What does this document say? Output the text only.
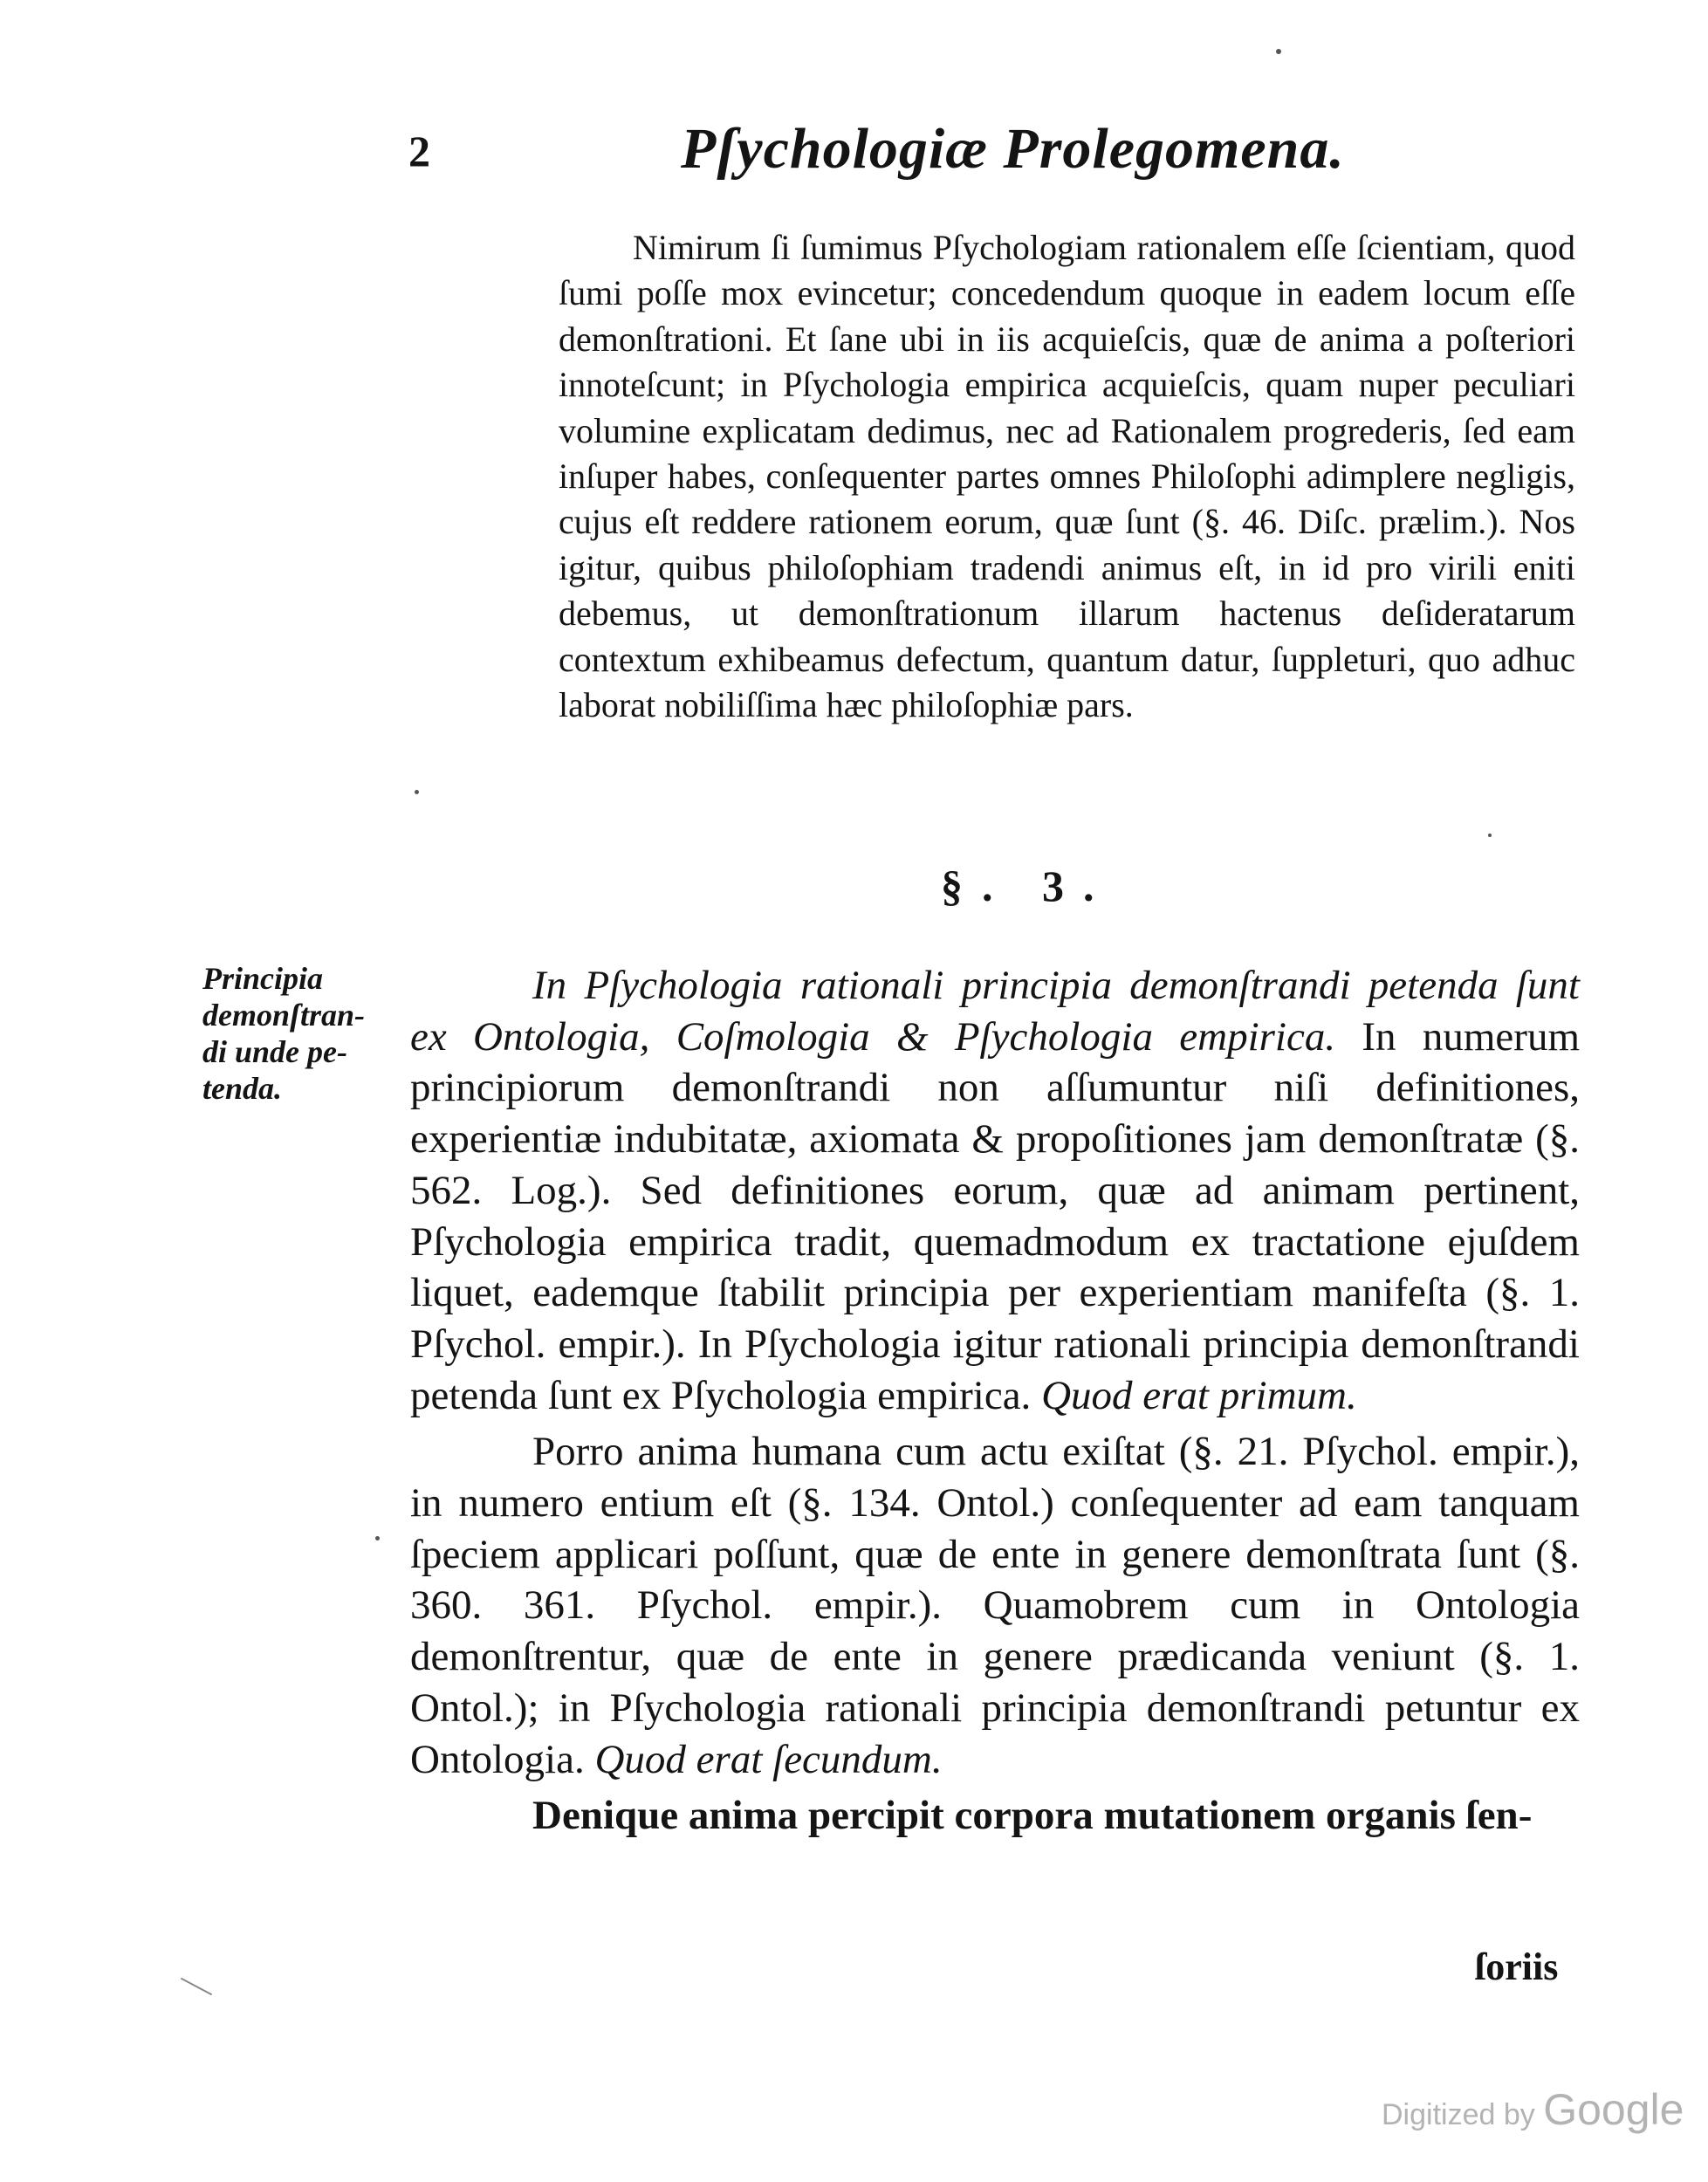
2	Pſychologiæ Prolegomena.

Nimirum ſi ſumimus Pſychologiam rationalem eſſe ſcientiam, quod ſumi poſſe mox evincetur; concedendum quoque in eadem locum eſſe demonſtrationi. Et ſane ubi in iis acquieſcis, quæ de anima a poſteriori innoteſcunt; in Pſychologia empirica acquieſcis, quam nuper peculiari volumine explicatam dedimus, nec ad Rationalem progrederis, ſed eam inſuper habes, conſequenter partes omnes Philoſophi adimplere negligis, cujus eſt reddere rationem eorum, quæ ſunt (§. 46. Diſc. prælim.). Nos igitur, quibus philoſophiam tradendi animus eſt, in id pro virili eniti debemus, ut demonſtrationum illarum hactenus deſideratarum contextum exhibeamus defectum, quantum datur, ſuppleturi, quo adhuc laborat nobiliſſima hæc philoſophiæ pars.

§. 3.
Principia
demonſtran-
di unde pe-
tenda.

In Pſychologia rationali principia demonſtrandi petenda ſunt ex Ontologia, Coſmologia & Pſychologia empirica. In numerum principiorum demonſtrandi non aſſumuntur niſi definitiones, experientiæ indubitatæ, axiomata & propoſitiones jam demonſtratæ (§. 562. Log.). Sed definitiones eorum, quæ ad animam pertinent, Pſychologia empirica tradit, quemadmodum ex tractatione ejuſdem liquet, eademque ſtabilit principia per experientiam manifeſta (§. 1. Pſychol. empir.). In Pſychologia igitur rationali principia demonſtrandi petenda ſunt ex Pſychologia empirica. Quod erat primum.

Porro anima humana cum actu exiſtat (§. 21. Pſychol. empir.), in numero entium eſt (§. 134. Ontol.) conſequenter ad eam tanquam ſpeciem applicari poſſunt, quæ de ente in genere demonſtrata ſunt (§. 360. 361. Pſychol. empir.). Quamobrem cum in Ontologia demonſtrentur, quæ de ente in genere prædicanda veniunt (§. 1. Ontol.); in Pſychologia rationali principia demonſtrandi petuntur ex Ontologia. Quod erat ſecundum.

Denique anima percipit corpora mutationem organis ſen-

ſoriis
Digitized by Google
